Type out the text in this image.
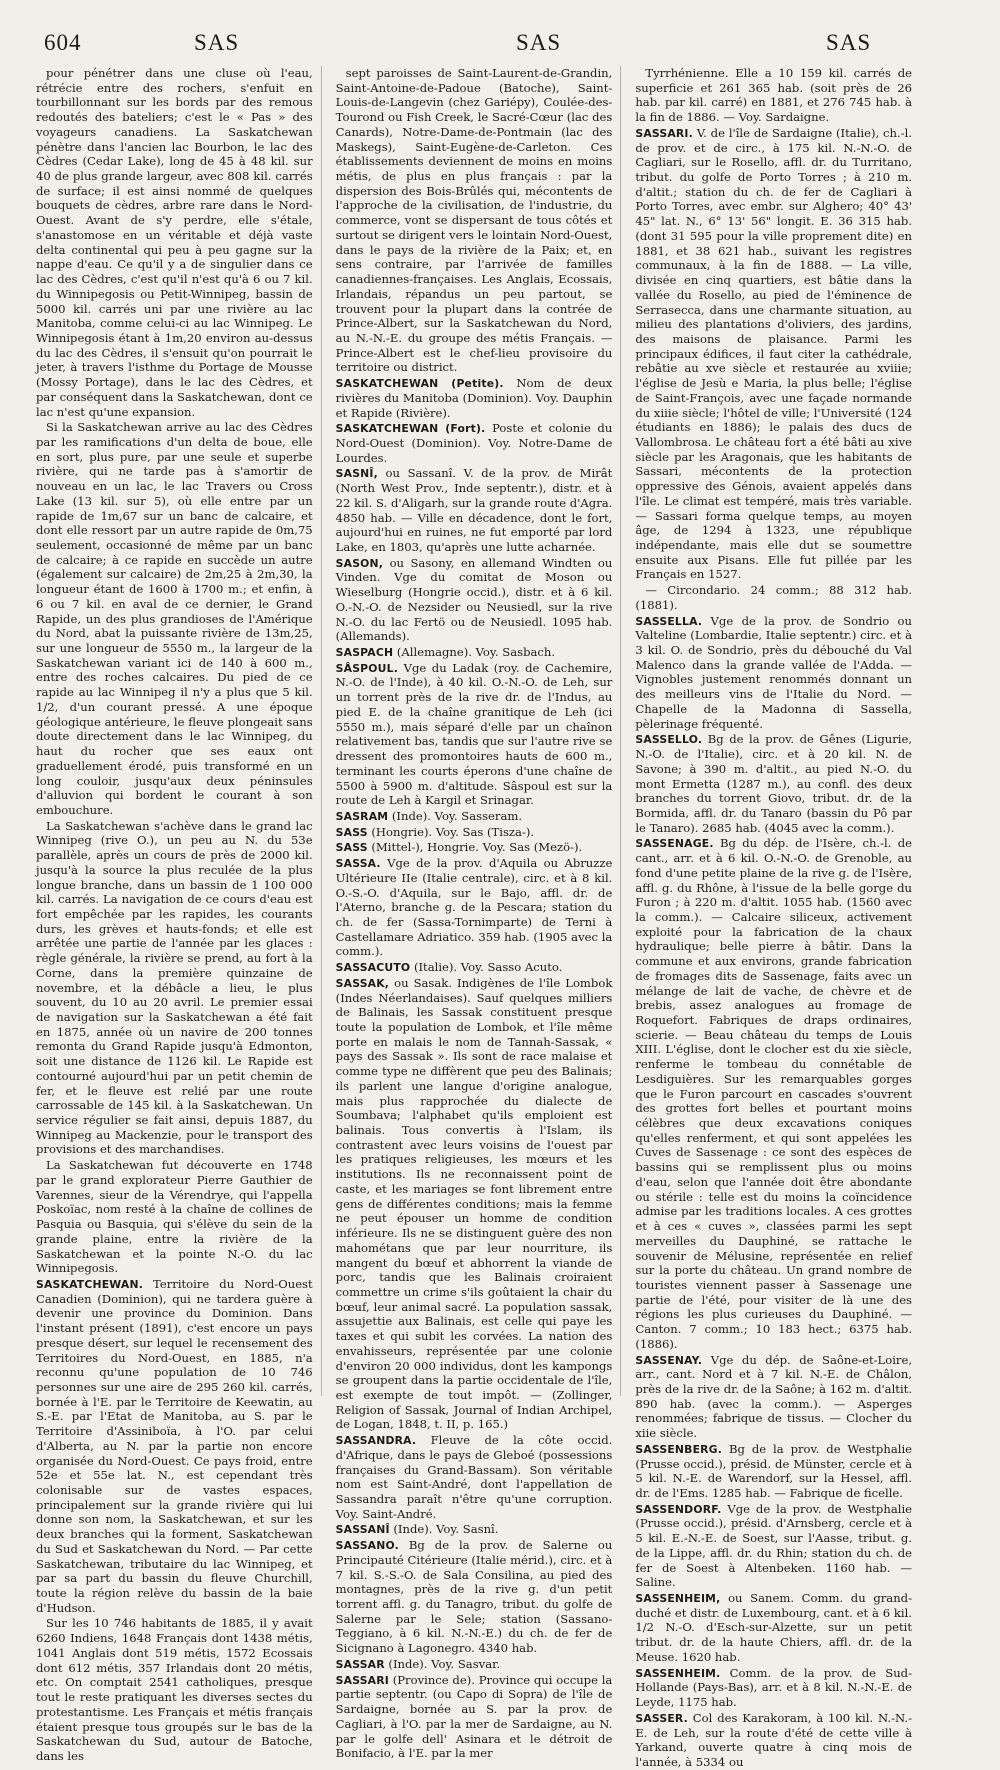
604	SAS	SAS	SAS

pour pénétrer dans une cluse où l'eau, rétrécie entre des rochers, s'enfuit en tourbillonnant sur les bords par des remous redoutés des bateliers; c'est le « Pas » des voyageurs canadiens. La Saskatchewan pénètre dans l'ancien lac Bourbon, le lac des Cèdres (Cedar Lake), long de 45 à 48 kil. sur 40 de plus grande largeur, avec 808 kil. carrés de surface; il est ainsi nommé de quelques bouquets de cèdres, arbre rare dans le Nord-Ouest. Avant de s'y perdre, elle s'étale, s'anastomose en un véritable et déjà vaste delta continental qui peu à peu gagne sur la nappe d'eau. Ce qu'il y a de singulier dans ce lac des Cèdres, c'est qu'il n'est qu'à 6 ou 7 kil. du Winnipegosis ou Petit-Winnipeg, bassin de 5000 kil. carrés uni par une rivière au lac Manitoba, comme celui-ci au lac Winnipeg. Le Winnipegosis étant à 1m,20 environ au-dessus du lac des Cèdres, il s'ensuit qu'on pourrait le jeter, à travers l'isthme du Portage de Mousse (Mossy Portage), dans le lac des Cèdres, et par conséquent dans la Saskatchewan, dont ce lac n'est qu'une expansion.

Si la Saskatchewan arrive au lac des Cèdres par les ramifications d'un delta de boue, elle en sort, plus pure, par une seule et superbe rivière, qui ne tarde pas à s'amortir de nouveau en un lac, le lac Travers ou Cross Lake (13 kil. sur 5), où elle entre par un rapide de 1m,67 sur un banc de calcaire, et dont elle ressort par un autre rapide de 0m,75 seulement, occasionné de même par un banc de calcaire; à ce rapide en succède un autre (également sur calcaire) de 2m,25 à 2m,30, la longueur étant de 1600 à 1700 m.; et enfin, à 6 ou 7 kil. en aval de ce dernier, le Grand Rapide, un des plus grandioses de l'Amérique du Nord, abat la puissante rivière de 13m,25, sur une longueur de 5550 m., la largeur de la Saskatchewan variant ici de 140 à 600 m., entre des roches calcaires. Du pied de ce rapide au lac Winnipeg il n'y a plus que 5 kil. 1/2, d'un courant pressé. A une époque géologique antérieure, le fleuve plongeait sans doute directement dans le lac Winnipeg, du haut du rocher que ses eaux ont graduellement érodé, puis transformé en un long couloir, jusqu'aux deux péninsules d'alluvion qui bordent le courant à son embouchure.

La Saskatchewan s'achève dans le grand lac Winnipeg (rive O.), un peu au N. du 53e parallèle, après un cours de près de 2000 kil. jusqu'à la source la plus reculée de la plus longue branche, dans un bassin de 1 100 000 kil. carrés. La navigation de ce cours d'eau est fort empêchée par les rapides, les courants durs, les grèves et hauts-fonds; et elle est arrêtée une partie de l'année par les glaces : règle générale, la rivière se prend, au fort à la Corne, dans la première quinzaine de novembre, et la débâcle a lieu, le plus souvent, du 10 au 20 avril. Le premier essai de navigation sur la Saskatchewan a été fait en 1875, année où un navire de 200 tonnes remonta du Grand Rapide jusqu'à Edmonton, soit une distance de 1126 kil. Le Rapide est contourné aujourd'hui par un petit chemin de fer, et le fleuve est relié par une route carrossable de 145 kil. à la Saskatchewan. Un service régulier se fait ainsi, depuis 1887, du Winnipeg au Mackenzie, pour le transport des provisions et des marchandises.

La Saskatchewan fut découverte en 1748 par le grand explorateur Pierre Gauthier de Varennes, sieur de la Vérendrye, qui l'appella Poskoïac, nom resté à la chaîne de collines de Pasquia ou Basquia, qui s'élève du sein de la grande plaine, entre la rivière de la Saskatchewan et la pointe N.-O. du lac Winnipegosis.

SASKATCHEWAN. Territoire du Nord-Ouest Canadien (Dominion), qui ne tardera guère à devenir une province du Dominion. Dans l'instant présent (1891), c'est encore un pays presque désert, sur lequel le recensement des Territoires du Nord-Ouest, en 1885, n'a reconnu qu'une population de 10 746 personnes sur une aire de 295 260 kil. carrés, bornée à l'E. par le Territoire de Keewatin, au S.-E. par l'Etat de Manitoba, au S. par le Territoire d'Assiniboïa, à l'O. par celui d'Alberta, au N. par la partie non encore organisée du Nord-Ouest. Ce pays froid, entre 52e et 55e lat. N., est cependant très colonisable sur de vastes espaces, principalement sur la grande rivière qui lui donne son nom, la Saskatchewan, et sur les deux branches qui la forment, Saskatchewan du Sud et Saskatchewan du Nord. — Par cette Saskatchewan, tributaire du lac Winnipeg, et par sa part du bassin du fleuve Churchill, toute la région relève du bassin de la baie d'Hudson.

Sur les 10 746 habitants de 1885, il y avait 6260 Indiens, 1648 Français dont 1438 métis, 1041 Anglais dont 519 métis, 1572 Ecossais dont 612 métis, 357 Irlandais dont 20 métis, etc. On comptait 2541 catholiques, presque tout le reste pratiquant les diverses sectes du protestantisme. Les Français et métis français étaient presque tous groupés sur le bas de la Saskatchewan du Sud, autour de Batoche, dans les

sept paroisses de Saint-Laurent-de-Grandin, Saint-Antoine-de-Padoue (Batoche), Saint-Louis-de-Langevin (chez Gariépy), Coulée-des-Tourond ou Fish Creek, le Sacré-Cœur (lac des Canards), Notre-Dame-de-Pontmain (lac des Maskegs), Saint-Eugène-de-Carleton. Ces établissements deviennent de moins en moins métis, de plus en plus français : par la dispersion des Bois-Brûlés qui, mécontents de l'approche de la civilisation, de l'industrie, du commerce, vont se dispersant de tous côtés et surtout se dirigent vers le lointain Nord-Ouest, dans le pays de la rivière de la Paix; et, en sens contraire, par l'arrivée de familles canadiennes-françaises. Les Anglais, Ecossais, Irlandais, répandus un peu partout, se trouvent pour la plupart dans la contrée de Prince-Albert, sur la Saskatchewan du Nord, au N.-N.-E. du groupe des métis Français. — Prince-Albert est le chef-lieu provisoire du territoire ou district.

SASKATCHEWAN (Petite). Nom de deux rivières du Manitoba (Dominion). Voy. Dauphin et Rapide (Rivière).

SASKATCHEWAN (Fort). Poste et colonie du Nord-Ouest (Dominion). Voy. Notre-Dame de Lourdes.

SASNÎ, ou Sassanî. V. de la prov. de Mirât (North West Prov., Inde septentr.), distr. et à 22 kil. S. d'Aligarh, sur la grande route d'Agra. 4850 hab. — Ville en décadence, dont le fort, aujourd'hui en ruines, ne fut emporté par lord Lake, en 1803, qu'après une lutte acharnée.

SASON, ou Sasony, en allemand Windten ou Vinden. Vge du comitat de Moson ou Wieselburg (Hongrie occid.), distr. et à 6 kil. O.-N.-O. de Nezsider ou Neusiedl, sur la rive N.-O. du lac Fertö ou de Neusiedl. 1095 hab. (Allemands).

SASPACH (Allemagne). Voy. Sasbach.

SÂSPOUL. Vge du Ladak (roy. de Cachemire, N.-O. de l'Inde), à 40 kil. O.-N.-O. de Leh, sur un torrent près de la rive dr. de l'Indus, au pied E. de la chaîne granitique de Leh (ici 5550 m.), mais séparé d'elle par un chaînon relativement bas, tandis que sur l'autre rive se dressent des promontoires hauts de 600 m., terminant les courts éperons d'une chaîne de 5500 à 5900 m. d'altitude. Sâspoul est sur la route de Leh à Kargil et Srinagar.

SASRAM (Inde). Voy. Sasseram.

SASS (Hongrie). Voy. Sas (Tisza-).

SASS (Mittel-), Hongrie. Voy. Sas (Mezö-).

SASSA. Vge de la prov. d'Aquila ou Abruzze Ultérieure IIe (Italie centrale), circ. et à 8 kil. O.-S.-O. d'Aquila, sur le Bajo, affl. dr. de l'Aterno, branche g. de la Pescara; station du ch. de fer (Sassa-Tornimparte) de Terni à Castellamare Adriatico. 359 hab. (1905 avec la comm.).

SASSACUTO (Italie). Voy. Sasso Acuto.

SASSAK, ou Sasak. Indigènes de l'île Lombok (Indes Néerlandaises). Sauf quelques milliers de Balinais, les Sassak constituent presque toute la population de Lombok, et l'île même porte en malais le nom de Tannah-Sassak, « pays des Sassak ». Ils sont de race malaise et comme type ne diffèrent que peu des Balinais; ils parlent une langue d'origine analogue, mais plus rapprochée du dialecte de Soumbava; l'alphabet qu'ils emploient est balinais. Tous convertis à l'Islam, ils contrastent avec leurs voisins de l'ouest par les pratiques religieuses, les mœurs et les institutions. Ils ne reconnaissent point de caste, et les mariages se font librement entre gens de différentes conditions; mais la femme ne peut épouser un homme de condition inférieure. Ils ne se distinguent guère des non mahométans que par leur nourriture, ils mangent du bœuf et abhorrent la viande de porc, tandis que les Balinais croiraient commettre un crime s'ils goûtaient la chair du bœuf, leur animal sacré. La population sassak, assujettie aux Balinais, est celle qui paye les taxes et qui subit les corvées. La nation des envahisseurs, représentée par une colonie d'environ 20 000 individus, dont les kampongs se groupent dans la partie occidentale de l'île, est exempte de tout impôt. — (Zollinger, Religion of Sassak, Journal of Indian Archipel, de Logan, 1848, t. II, p. 165.)

SASSANDRA. Fleuve de la côte occid. d'Afrique, dans le pays de Gleboé (possessions françaises du Grand-Bassam). Son véritable nom est Saint-André, dont l'appellation de Sassandra paraît n'être qu'une corruption. Voy. Saint-André.

SASSANÎ (Inde). Voy. Sasnî.

SASSANO. Bg de la prov. de Salerne ou Principauté Citérieure (Italie mérid.), circ. et à 7 kil. S.-S.-O. de Sala Consilina, au pied des montagnes, près de la rive g. d'un petit torrent affl. g. du Tanagro, tribut. du golfe de Salerne par le Sele; station (Sassano-Teggiano, à 6 kil. N.-N.-E.) du ch. de fer de Sicignano à Lagonegro. 4340 hab.

SASSAR (Inde). Voy. Sasvar.

SASSARI (Province de). Province qui occupe la partie septentr. (ou Capo di Sopra) de l'île de Sardaigne, bornée au S. par la prov. de Cagliari, à l'O. par la mer de Sardaigne, au N. par le golfe dell' Asinara et le détroit de Bonifacio, à l'E. par la mer

Tyrrhénienne. Elle a 10 159 kil. carrés de superficie et 261 365 hab. (soit près de 26 hab. par kil. carré) en 1881, et 276 745 hab. à la fin de 1886. — Voy. Sardaigne.

SASSARI. V. de l'île de Sardaigne (Italie), ch.-l. de prov. et de circ., à 175 kil. N.-N.-O. de Cagliari, sur le Rosello, affl. dr. du Turritano, tribut. du golfe de Porto Torres ; à 210 m. d'altit.; station du ch. de fer de Cagliari à Porto Torres, avec embr. sur Alghero; 40° 43' 45" lat. N., 6° 13' 56" longit. E. 36 315 hab. (dont 31 595 pour la ville proprement dite) en 1881, et 38 621 hab., suivant les registres communaux, à la fin de 1888. — La ville, divisée en cinq quartiers, est bâtie dans la vallée du Rosello, au pied de l'éminence de Serrasecca, dans une charmante situation, au milieu des plantations d'oliviers, des jardins, des maisons de plaisance. Parmi les principaux édifices, il faut citer la cathédrale, rebâtie au xve siècle et restaurée au xviiie; l'église de Jesù e Maria, la plus belle; l'église de Saint-François, avec une façade normande du xiiie siècle; l'hôtel de ville; l'Université (124 étudiants en 1886); le palais des ducs de Vallombrosa. Le château fort a été bâti au xive siècle par les Aragonais, que les habitants de Sassari, mécontents de la protection oppressive des Génois, avaient appelés dans l'île. Le climat est tempéré, mais très variable. — Sassari forma quelque temps, au moyen âge, de 1294 à 1323, une république indépendante, mais elle dut se soumettre ensuite aux Pisans. Elle fut pillée par les Français en 1527.

— Circondario. 24 comm.; 88 312 hab. (1881).

SASSELLA. Vge de la prov. de Sondrio ou Valteline (Lombardie, Italie septentr.) circ. et à 3 kil. O. de Sondrio, près du débouché du Val Malenco dans la grande vallée de l'Adda. — Vignobles justement renommés donnant un des meilleurs vins de l'Italie du Nord. — Chapelle de la Madonna di Sassella, pèlerinage fréquenté.

SASSELLO. Bg de la prov. de Gênes (Ligurie, N.-O. de l'Italie), circ. et à 20 kil. N. de Savone; à 390 m. d'altit., au pied N.-O. du mont Ermetta (1287 m.), au confl. des deux branches du torrent Giovo, tribut. dr. de la Bormida, affl. dr. du Tanaro (bassin du Pô par le Tanaro). 2685 hab. (4045 avec la comm.).

SASSENAGE. Bg du dép. de l'Isère, ch.-l. de cant., arr. et à 6 kil. O.-N.-O. de Grenoble, au fond d'une petite plaine de la rive g. de l'Isère, affl. g. du Rhône, à l'issue de la belle gorge du Furon ; à 220 m. d'altit. 1055 hab. (1560 avec la comm.). — Calcaire siliceux, activement exploité pour la fabrication de la chaux hydraulique; belle pierre à bâtir. Dans la commune et aux environs, grande fabrication de fromages dits de Sassenage, faits avec un mélange de lait de vache, de chèvre et de brebis, assez analogues au fromage de Roquefort. Fabriques de draps ordinaires, scierie. — Beau château du temps de Louis XIII. L'église, dont le clocher est du xie siècle, renferme le tombeau du connétable de Lesdiguières. Sur les remarquables gorges que le Furon parcourt en cascades s'ouvrent des grottes fort belles et pourtant moins célèbres que deux excavations coniques qu'elles renferment, et qui sont appelées les Cuves de Sassenage : ce sont des espèces de bassins qui se remplissent plus ou moins d'eau, selon que l'année doit être abondante ou stérile : telle est du moins la coïncidence admise par les traditions locales. A ces grottes et à ces « cuves », classées parmi les sept merveilles du Dauphiné, se rattache le souvenir de Mélusine, représentée en relief sur la porte du château. Un grand nombre de touristes viennent passer à Sassenage une partie de l'été, pour visiter de là une des régions les plus curieuses du Dauphiné. — Canton. 7 comm.; 10 183 hect.; 6375 hab. (1886).

SASSENAY. Vge du dép. de Saône-et-Loire, arr., cant. Nord et à 7 kil. N.-E. de Châlon, près de la rive dr. de la Saône; à 162 m. d'altit. 890 hab. (avec la comm.). — Asperges renommées; fabrique de tissus. — Clocher du xiie siècle.

SASSENBERG. Bg de la prov. de Westphalie (Prusse occid.), présid. de Münster, cercle et à 5 kil. N.-E. de Warendorf, sur la Hessel, affl. dr. de l'Ems. 1285 hab. — Fabrique de ficelle.

SASSENDORF. Vge de la prov. de Westphalie (Prusse occid.), présid. d'Arnsberg, cercle et à 5 kil. E.-N.-E. de Soest, sur l'Aasse, tribut. g. de la Lippe, affl. dr. du Rhin; station du ch. de fer de Soest à Altenbeken. 1160 hab. — Saline.

SASSENHEIM, ou Sanem. Comm. du grand-duché et distr. de Luxembourg, cant. et à 6 kil. 1/2 N.-O. d'Esch-sur-Alzette, sur un petit tribut. dr. de la haute Chiers, affl. dr. de la Meuse. 1620 hab.

SASSENHEIM. Comm. de la prov. de Sud-Hollande (Pays-Bas), arr. et à 8 kil. N.-N.-E. de Leyde, 1175 hab.

SASSER. Col des Karakoram, à 100 kil. N.-N.-E. de Leh, sur la route d'été de cette ville à Yarkand, ouverte quatre à cinq mois de l'année, à 5334 ou
